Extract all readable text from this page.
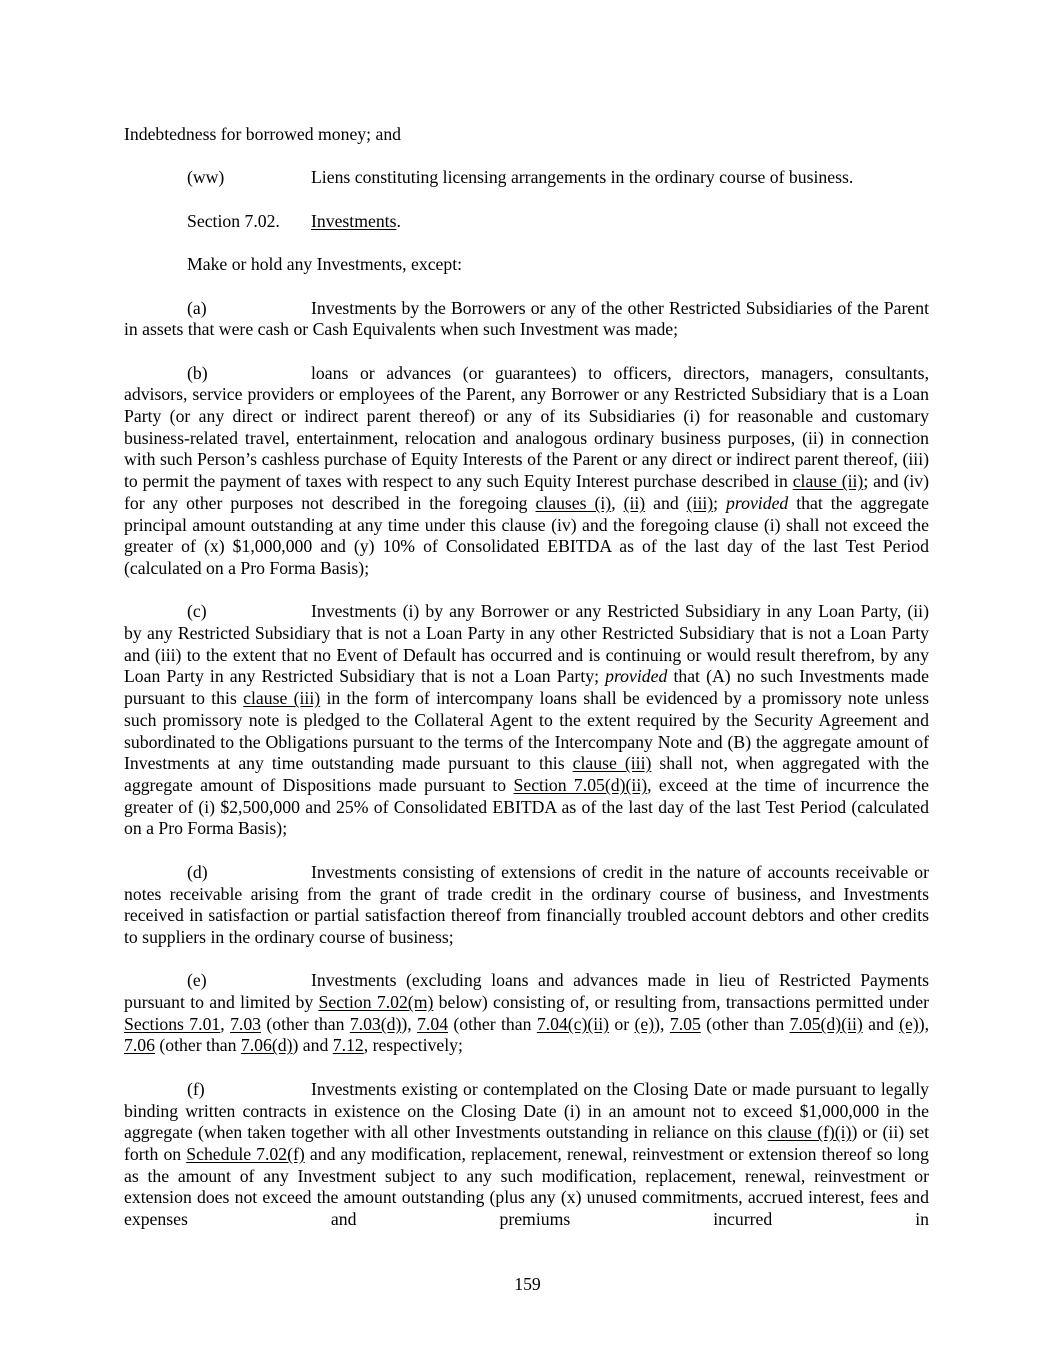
Indebtedness for borrowed money; and

(ww)	Liens constituting licensing arrangements in the ordinary course of business.

Section 7.02. Investments.

Make or hold any Investments, except:

(a)	Investments by the Borrowers or any of the other Restricted Subsidiaries of the Parent in assets that were cash or Cash Equivalents when such Investment was made;

(b)	loans or advances (or guarantees) to officers, directors, managers, consultants, advisors, service providers or employees of the Parent, any Borrower or any Restricted Subsidiary that is a Loan Party (or any direct or indirect parent thereof) or any of its Subsidiaries (i) for reasonable and customary business-related travel, entertainment, relocation and analogous ordinary business purposes, (ii) in connection with such Person’s cashless purchase of Equity Interests of the Parent or any direct or indirect parent thereof, (iii) to permit the payment of taxes with respect to any such Equity Interest purchase described in clause (ii); and (iv) for any other purposes not described in the foregoing clauses (i), (ii) and (iii); provided that the aggregate principal amount outstanding at any time under this clause (iv) and the foregoing clause (i) shall not exceed the greater of (x) $1,000,000 and (y) 10% of Consolidated EBITDA as of the last day of the last Test Period (calculated on a Pro Forma Basis);

(c)	Investments (i) by any Borrower or any Restricted Subsidiary in any Loan Party, (ii) by any Restricted Subsidiary that is not a Loan Party in any other Restricted Subsidiary that is not a Loan Party and (iii) to the extent that no Event of Default has occurred and is continuing or would result therefrom, by any Loan Party in any Restricted Subsidiary that is not a Loan Party; provided that (A) no such Investments made pursuant to this clause (iii) in the form of intercompany loans shall be evidenced by a promissory note unless such promissory note is pledged to the Collateral Agent to the extent required by the Security Agreement and subordinated to the Obligations pursuant to the terms of the Intercompany Note and (B) the aggregate amount of Investments at any time outstanding made pursuant to this clause (iii) shall not, when aggregated with the aggregate amount of Dispositions made pursuant to Section 7.05(d)(ii), exceed at the time of incurrence the greater of (i) $2,500,000 and 25% of Consolidated EBITDA as of the last day of the last Test Period (calculated on a Pro Forma Basis);

(d)	Investments consisting of extensions of credit in the nature of accounts receivable or notes receivable arising from the grant of trade credit in the ordinary course of business, and Investments received in satisfaction or partial satisfaction thereof from financially troubled account debtors and other credits to suppliers in the ordinary course of business;

(e)	Investments (excluding loans and advances made in lieu of Restricted Payments pursuant to and limited by Section 7.02(m) below) consisting of, or resulting from, transactions permitted under Sections 7.01, 7.03 (other than 7.03(d)), 7.04 (other than 7.04(c)(ii) or (e)), 7.05 (other than 7.05(d)(ii) and (e)), 7.06 (other than 7.06(d)) and 7.12, respectively;

(f)	Investments existing or contemplated on the Closing Date or made pursuant to legally binding written contracts in existence on the Closing Date (i) in an amount not to exceed $1,000,000 in the aggregate (when taken together with all other Investments outstanding in reliance on this clause (f)(i)) or (ii) set forth on Schedule 7.02(f) and any modification, replacement, renewal, reinvestment or extension thereof so long as the amount of any Investment subject to any such modification, replacement, renewal, reinvestment or extension does not exceed the amount outstanding (plus any (x) unused commitments, accrued interest, fees and expenses and premiums incurred in

159
